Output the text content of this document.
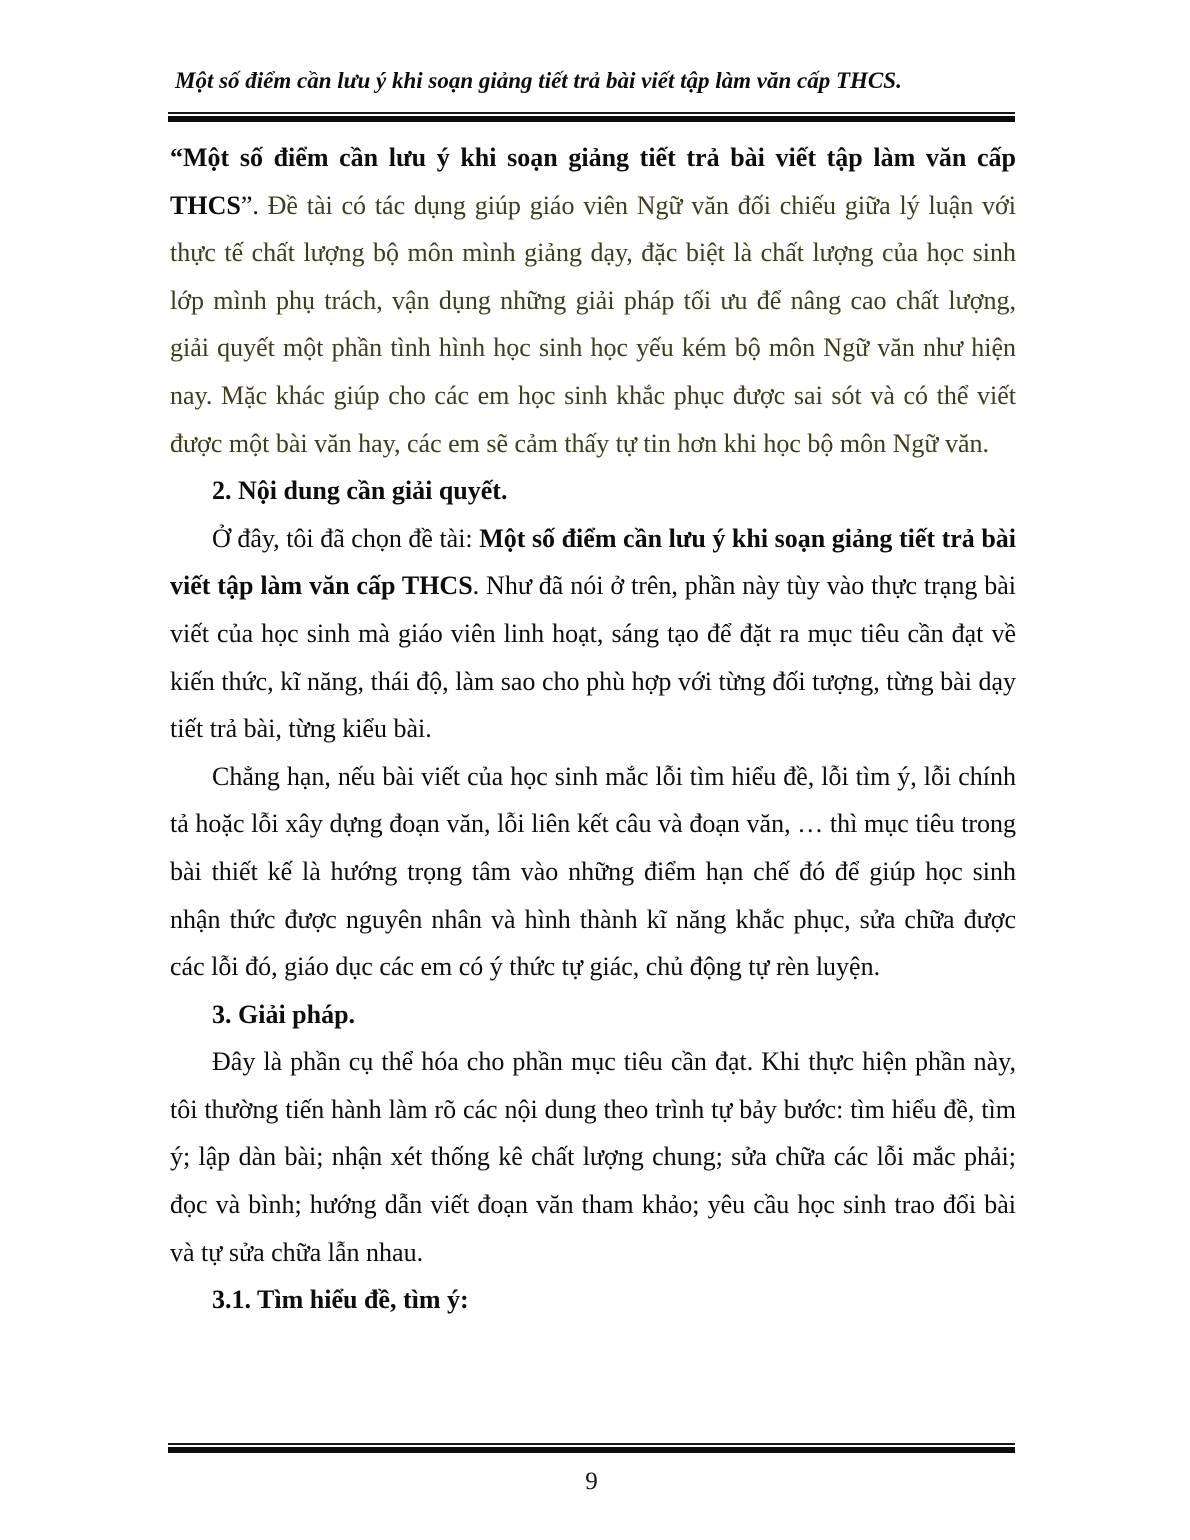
Một số điểm cần lưu ý khi soạn giảng tiết trả bài viết tập làm văn cấp THCS.

“Một số điểm cần lưu ý khi soạn giảng tiết trả bài viết tập làm văn cấp THCS”. Đề tài có tác dụng giúp giáo viên Ngữ văn đối chiếu giữa lý luận với thực tế chất lượng bộ môn mình giảng dạy, đặc biệt là chất lượng của học sinh lớp mình phụ trách, vận dụng những giải pháp tối ưu để nâng cao chất lượng, giải quyết một phần tình hình học sinh học yếu kém bộ môn Ngữ văn như hiện nay. Mặc khác giúp cho các em học sinh khắc phục được sai sót và có thể viết được một bài văn hay, các em sẽ cảm thấy tự tin hơn khi học bộ môn Ngữ văn.

2. Nội dung cần giải quyết.

Ở đây, tôi đã chọn đề tài: Một số điểm cần lưu ý khi soạn giảng tiết trả bài viết tập làm văn cấp THCS. Như đã nói ở trên, phần này tùy vào thực trạng bài viết của học sinh mà giáo viên linh hoạt, sáng tạo để đặt ra mục tiêu cần đạt về kiến thức, kĩ năng, thái độ, làm sao cho phù hợp với từng đối tượng, từng bài dạy tiết trả bài, từng kiểu bài.

Chẳng hạn, nếu bài viết của học sinh mắc lỗi tìm hiểu đề, lỗi tìm ý, lỗi chính tả hoặc lỗi xây dựng đoạn văn, lỗi liên kết câu và đoạn văn, … thì mục tiêu trong bài thiết kế là hướng trọng tâm vào những điểm hạn chế đó để giúp học sinh nhận thức được nguyên nhân và hình thành kĩ năng khắc phục, sửa chữa được các lỗi đó, giáo dục các em có ý thức tự giác, chủ động tự rèn luyện.

3. Giải pháp.

Đây là phần cụ thể hóa cho phần mục tiêu cần đạt. Khi thực hiện phần này, tôi thường tiến hành làm rõ các nội dung theo trình tự bảy bước: tìm hiểu đề, tìm ý; lập dàn bài; nhận xét thống kê chất lượng chung; sửa chữa các lỗi mắc phải; đọc và bình; hướng dẫn viết đoạn văn tham khảo; yêu cầu học sinh trao đổi bài và tự sửa chữa lẫn nhau.

3.1. Tìm hiểu đề, tìm ý:

9
